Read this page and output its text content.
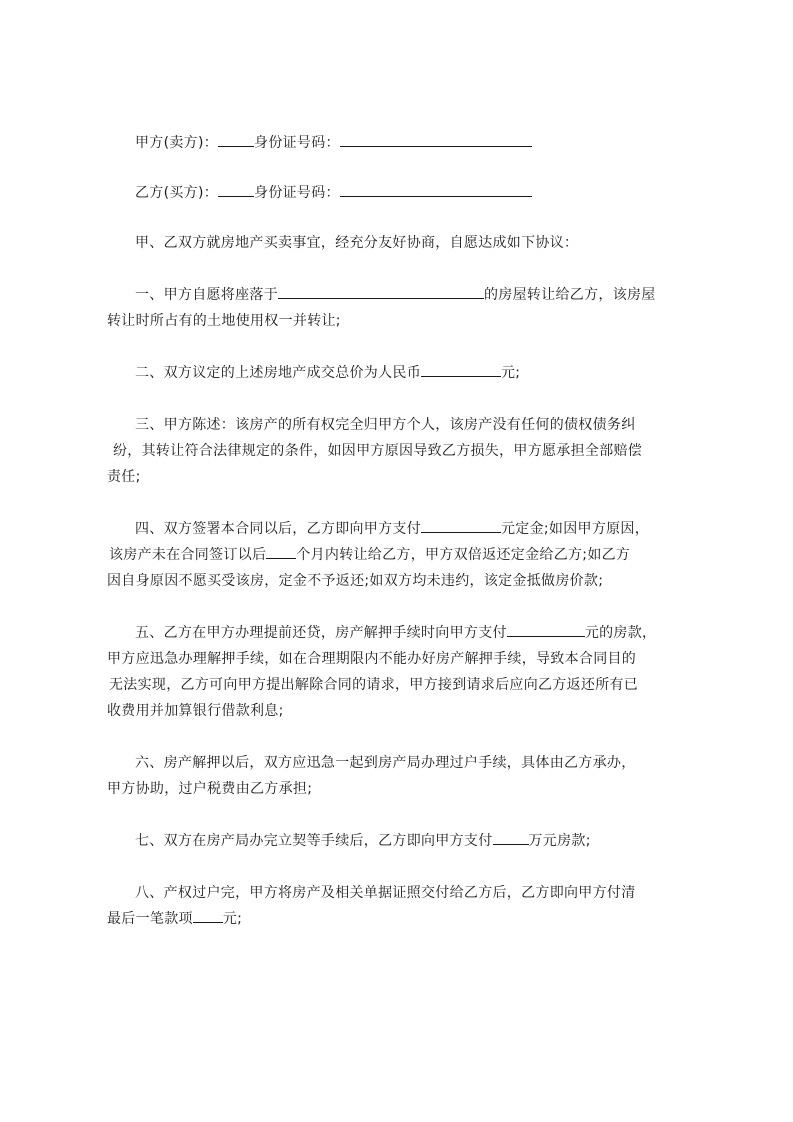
甲方(卖方)：	身份证号码：

乙方(买方)：	身份证号码：

甲、乙双方就房地产买卖事宜，经充分友好协商，自愿达成如下协议：

一、甲方自愿将座落于	的房屋转让给乙方，该房屋
转让时所占有的土地使用权一并转让;

二、双方议定的上述房地产成交总价为人民币	元;

三、甲方陈述：该房产的所有权完全归甲方个人，该房产没有任何的债权债务纠
纷，其转让符合法律规定的条件，如因甲方原因导致乙方损失，甲方愿承担全部赔偿
责任;

四、双方签署本合同以后，乙方即向甲方支付	元定金;如因甲方原因，
该房产未在合同签订以后 个月内转让给乙方，甲方双倍返还定金给乙方;如乙方
因自身原因不愿买受该房，定金不予返还;如双方均未违约，该定金抵做房价款;

五、乙方在甲方办理提前还贷，房产解押手续时向甲方支付	元的房款，
甲方应迅急办理解押手续，如在合理期限内不能办好房产解押手续，导致本合同目的
无法实现，乙方可向甲方提出解除合同的请求，甲方接到请求后应向乙方返还所有已
收费用并加算银行借款利息;

六、房产解押以后，双方应迅急一起到房产局办理过户手续，具体由乙方承办，
甲方协助，过户税费由乙方承担;

七、双方在房产局办完立契等手续后，乙方即向甲方支付	万元房款;

八、产权过户完，甲方将房产及相关单据证照交付给乙方后，乙方即向甲方付清
最后一笔款项 元;
